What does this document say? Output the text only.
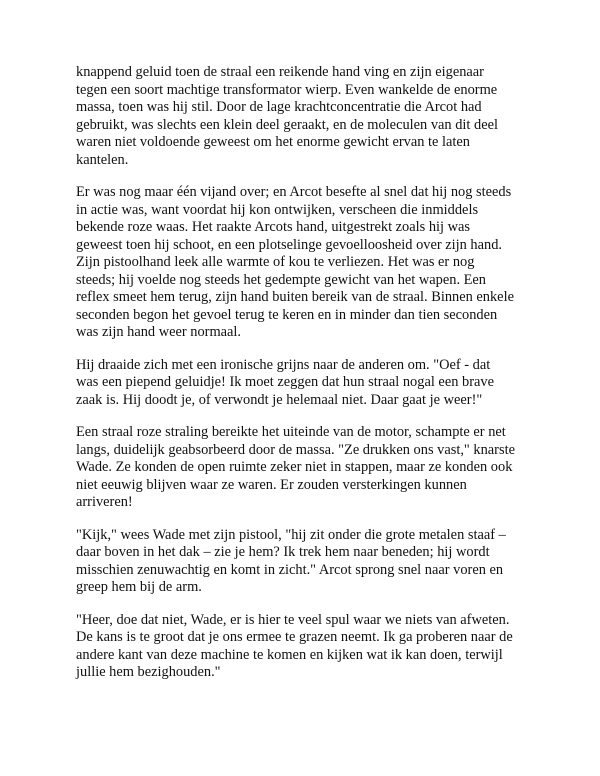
knappend geluid toen de straal een reikende hand ving en zijn eigenaar
tegen een soort machtige transformator wierp. Even wankelde de enorme
massa, toen was hij stil. Door de lage krachtconcentratie die Arcot had
gebruikt, was slechts een klein deel geraakt, en de moleculen van dit deel
waren niet voldoende geweest om het enorme gewicht ervan te laten
kantelen.

Er was nog maar één vijand over; en Arcot besefte al snel dat hij nog steeds
in actie was, want voordat hij kon ontwijken, verscheen die inmiddels
bekende roze waas. Het raakte Arcots hand, uitgestrekt zoals hij was
geweest toen hij schoot, en een plotselinge gevoelloosheid over zijn hand.
Zijn pistoolhand leek alle warmte of kou te verliezen. Het was er nog
steeds; hij voelde nog steeds het gedempte gewicht van het wapen. Een
reflex smeet hem terug, zijn hand buiten bereik van de straal. Binnen enkele
seconden begon het gevoel terug te keren en in minder dan tien seconden
was zijn hand weer normaal.

Hij draaide zich met een ironische grijns naar de anderen om. "Oef - dat
was een piepend geluidje! Ik moet zeggen dat hun straal nogal een brave
zaak is. Hij doodt je, of verwondt je helemaal niet. Daar gaat je weer!"

Een straal roze straling bereikte het uiteinde van de motor, schampte er net
langs, duidelijk geabsorbeerd door de massa. "Ze drukken ons vast," knarste
Wade. Ze konden de open ruimte zeker niet in stappen, maar ze konden ook
niet eeuwig blijven waar ze waren. Er zouden versterkingen kunnen
arriveren!

"Kijk," wees Wade met zijn pistool, "hij zit onder die grote metalen staaf –
daar boven in het dak – zie je hem? Ik trek hem naar beneden; hij wordt
misschien zenuwachtig en komt in zicht." Arcot sprong snel naar voren en
greep hem bij de arm.

"Heer, doe dat niet, Wade, er is hier te veel spul waar we niets van afweten.
De kans is te groot dat je ons ermee te grazen neemt. Ik ga proberen naar de
andere kant van deze machine te komen en kijken wat ik kan doen, terwijl
jullie hem bezighouden."
